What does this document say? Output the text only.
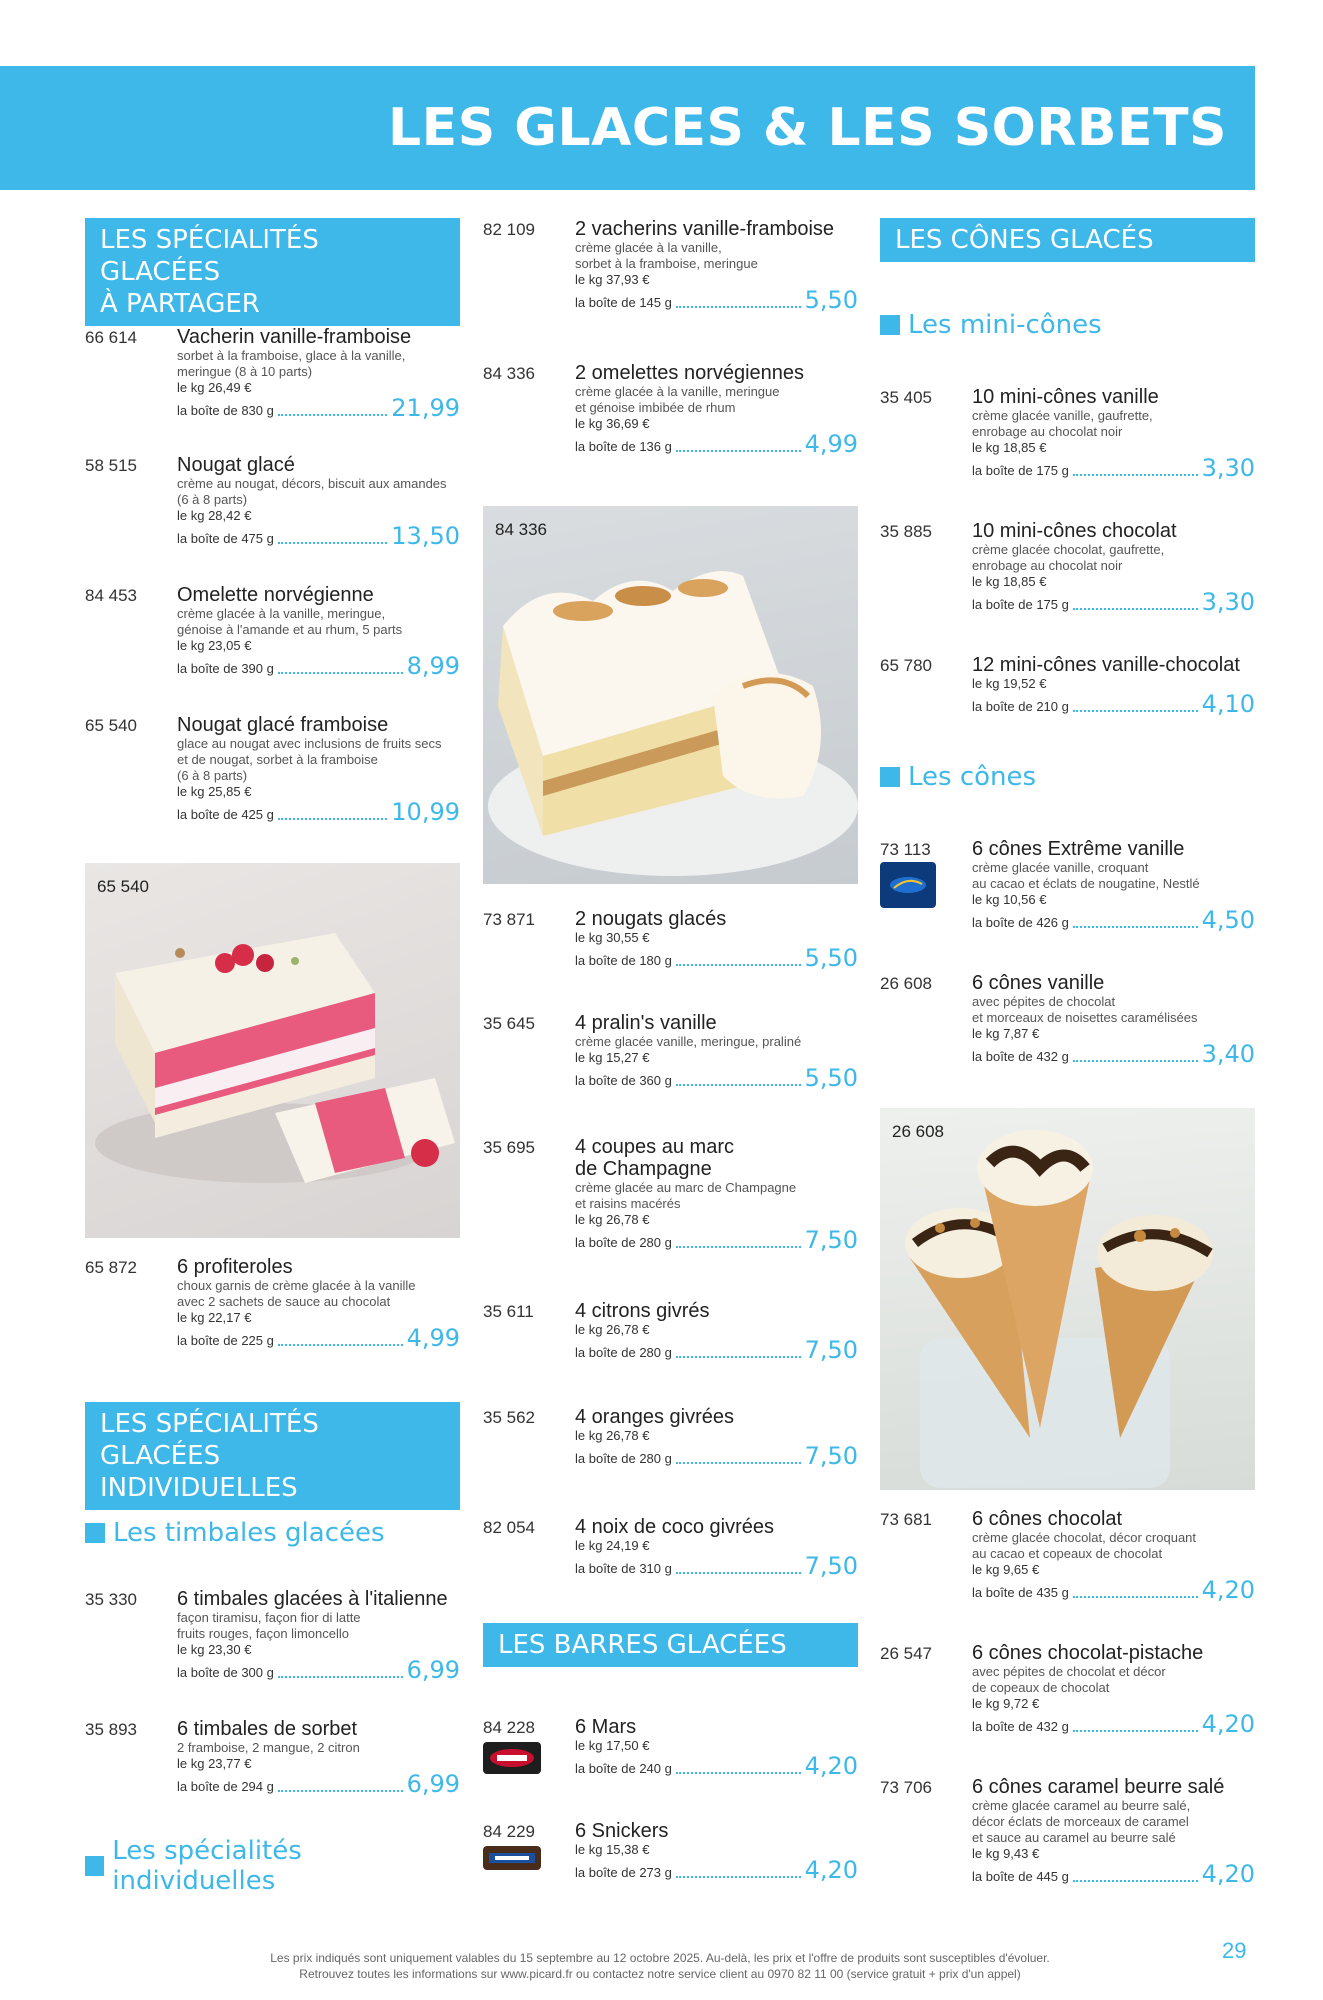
LES GLACES & LES SORBETS
LES SPÉCIALITÉS GLACÉES
À PARTAGER
66 614	Vacherin vanille-framboise
sorbet à la framboise, glace à la vanille,
meringue (8 à 10 parts)
le kg 26,49 €
la boîte de 830 g	21,99
58 515	Nougat glacé
crème au nougat, décors, biscuit aux amandes
(6 à 8 parts)
le kg 28,42 €
la boîte de 475 g	13,50
84 453	Omelette norvégienne
crème glacée à la vanille, meringue,
génoise à l'amande et au rhum, 5 parts
le kg 23,05 €
la boîte de 390 g	8,99
65 540	Nougat glacé framboise
glace au nougat avec inclusions de fruits secs
et de nougat, sorbet à la framboise
(6 à 8 parts)
le kg 25,85 €
la boîte de 425 g	10,99
65 540
65 872	6 profiteroles
choux garnis de crème glacée à la vanille
avec 2 sachets de sauce au chocolat
le kg 22,17 €
la boîte de 225 g	4,99
LES SPÉCIALITÉS GLACÉES
INDIVIDUELLES
Les timbales glacées
35 330	6 timbales glacées à l'italienne
façon tiramisu, façon fior di latte
fruits rouges, façon limoncello
le kg 23,30 €
la boîte de 300 g	6,99
35 893	6 timbales de sorbet
2 framboise, 2 mangue, 2 citron
le kg 23,77 €
la boîte de 294 g	6,99
Les spécialités individuelles
82 109	2 vacherins vanille-framboise
crème glacée à la vanille,
sorbet à la framboise, meringue
le kg 37,93 €
la boîte de 145 g	5,50
84 336	2 omelettes norvégiennes
crème glacée à la vanille, meringue
et génoise imbibée de rhum
le kg 36,69 €
la boîte de 136 g	4,99
84 336
73 871	2 nougats glacés
le kg 30,55 €
la boîte de 180 g	5,50
35 645	4 pralin's vanille
crème glacée vanille, meringue, praliné
le kg 15,27 €
la boîte de 360 g	5,50
35 695	4 coupes au marc
de Champagne
crème glacée au marc de Champagne
et raisins macérés
le kg 26,78 €
la boîte de 280 g	7,50
35 611	4 citrons givrés
le kg 26,78 €
la boîte de 280 g	7,50
35 562	4 oranges givrées
le kg 26,78 €
la boîte de 280 g	7,50
82 054	4 noix de coco givrées
le kg 24,19 €
la boîte de 310 g	7,50
LES BARRES GLACÉES
84 228	6 Mars
le kg 17,50 €
la boîte de 240 g	4,20
84 229	6 Snickers
le kg 15,38 €
la boîte de 273 g	4,20
LES CÔNES GLACÉS
Les mini-cônes
35 405	10 mini-cônes vanille
crème glacée vanille, gaufrette,
enrobage au chocolat noir
le kg 18,85 €
la boîte de 175 g	3,30
35 885	10 mini-cônes chocolat
crème glacée chocolat, gaufrette,
enrobage au chocolat noir
le kg 18,85 €
la boîte de 175 g	3,30
65 780	12 mini-cônes vanille-chocolat
le kg 19,52 €
la boîte de 210 g	4,10
Les cônes
73 113	6 cônes Extrême vanille
crème glacée vanille, croquant
au cacao et éclats de nougatine, Nestlé
le kg 10,56 €
la boîte de 426 g	4,50
26 608	6 cônes vanille
avec pépites de chocolat
et morceaux de noisettes caramélisées
le kg 7,87 €
la boîte de 432 g	3,40
26 608
73 681	6 cônes chocolat
crème glacée chocolat, décor croquant
au cacao et copeaux de chocolat
le kg 9,65 €
la boîte de 435 g	4,20
26 547	6 cônes chocolat-pistache
avec pépites de chocolat et décor
de copeaux de chocolat
le kg 9,72 €
la boîte de 432 g	4,20
73 706	6 cônes caramel beurre salé
crème glacée caramel au beurre salé,
décor éclats de morceaux de caramel
et sauce au caramel au beurre salé
le kg 9,43 €
la boîte de 445 g	4,20
Les prix indiqués sont uniquement valables du 15 septembre au 12 octobre 2025. Au-delà, les prix et l'offre de produits sont susceptibles d'évoluer.
Retrouvez toutes les informations sur www.picard.fr ou contactez notre service client au 0970 82 11 00 (service gratuit + prix d'un appel)
29
